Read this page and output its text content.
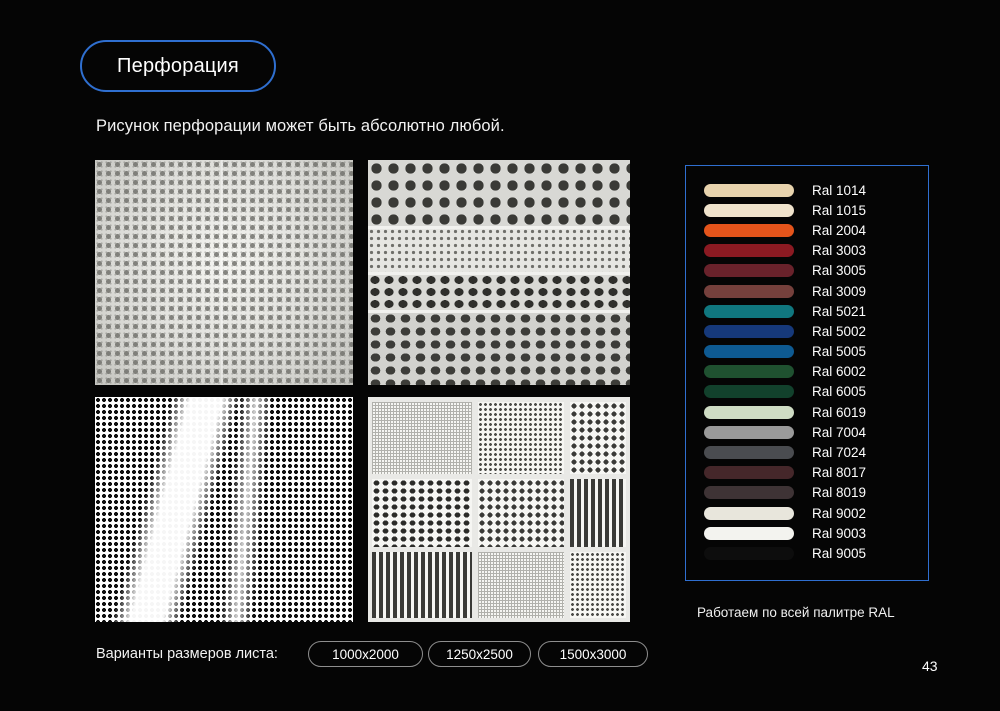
Перфорация
Рисунок перфорации может быть абсолютно любой.
Варианты размеров листа:	1000x2000	1250x2500	1500x3000
Ral 1014
Ral 1015
Ral 2004
Ral 3003
Ral 3005
Ral 3009
Ral 5021
Ral 5002
Ral 5005
Ral 6002
Ral 6005
Ral 6019
Ral 7004
Ral 7024
Ral 8017
Ral 8019
Ral 9002
Ral 9003
Ral 9005
Работаем по всей палитре RAL
43
